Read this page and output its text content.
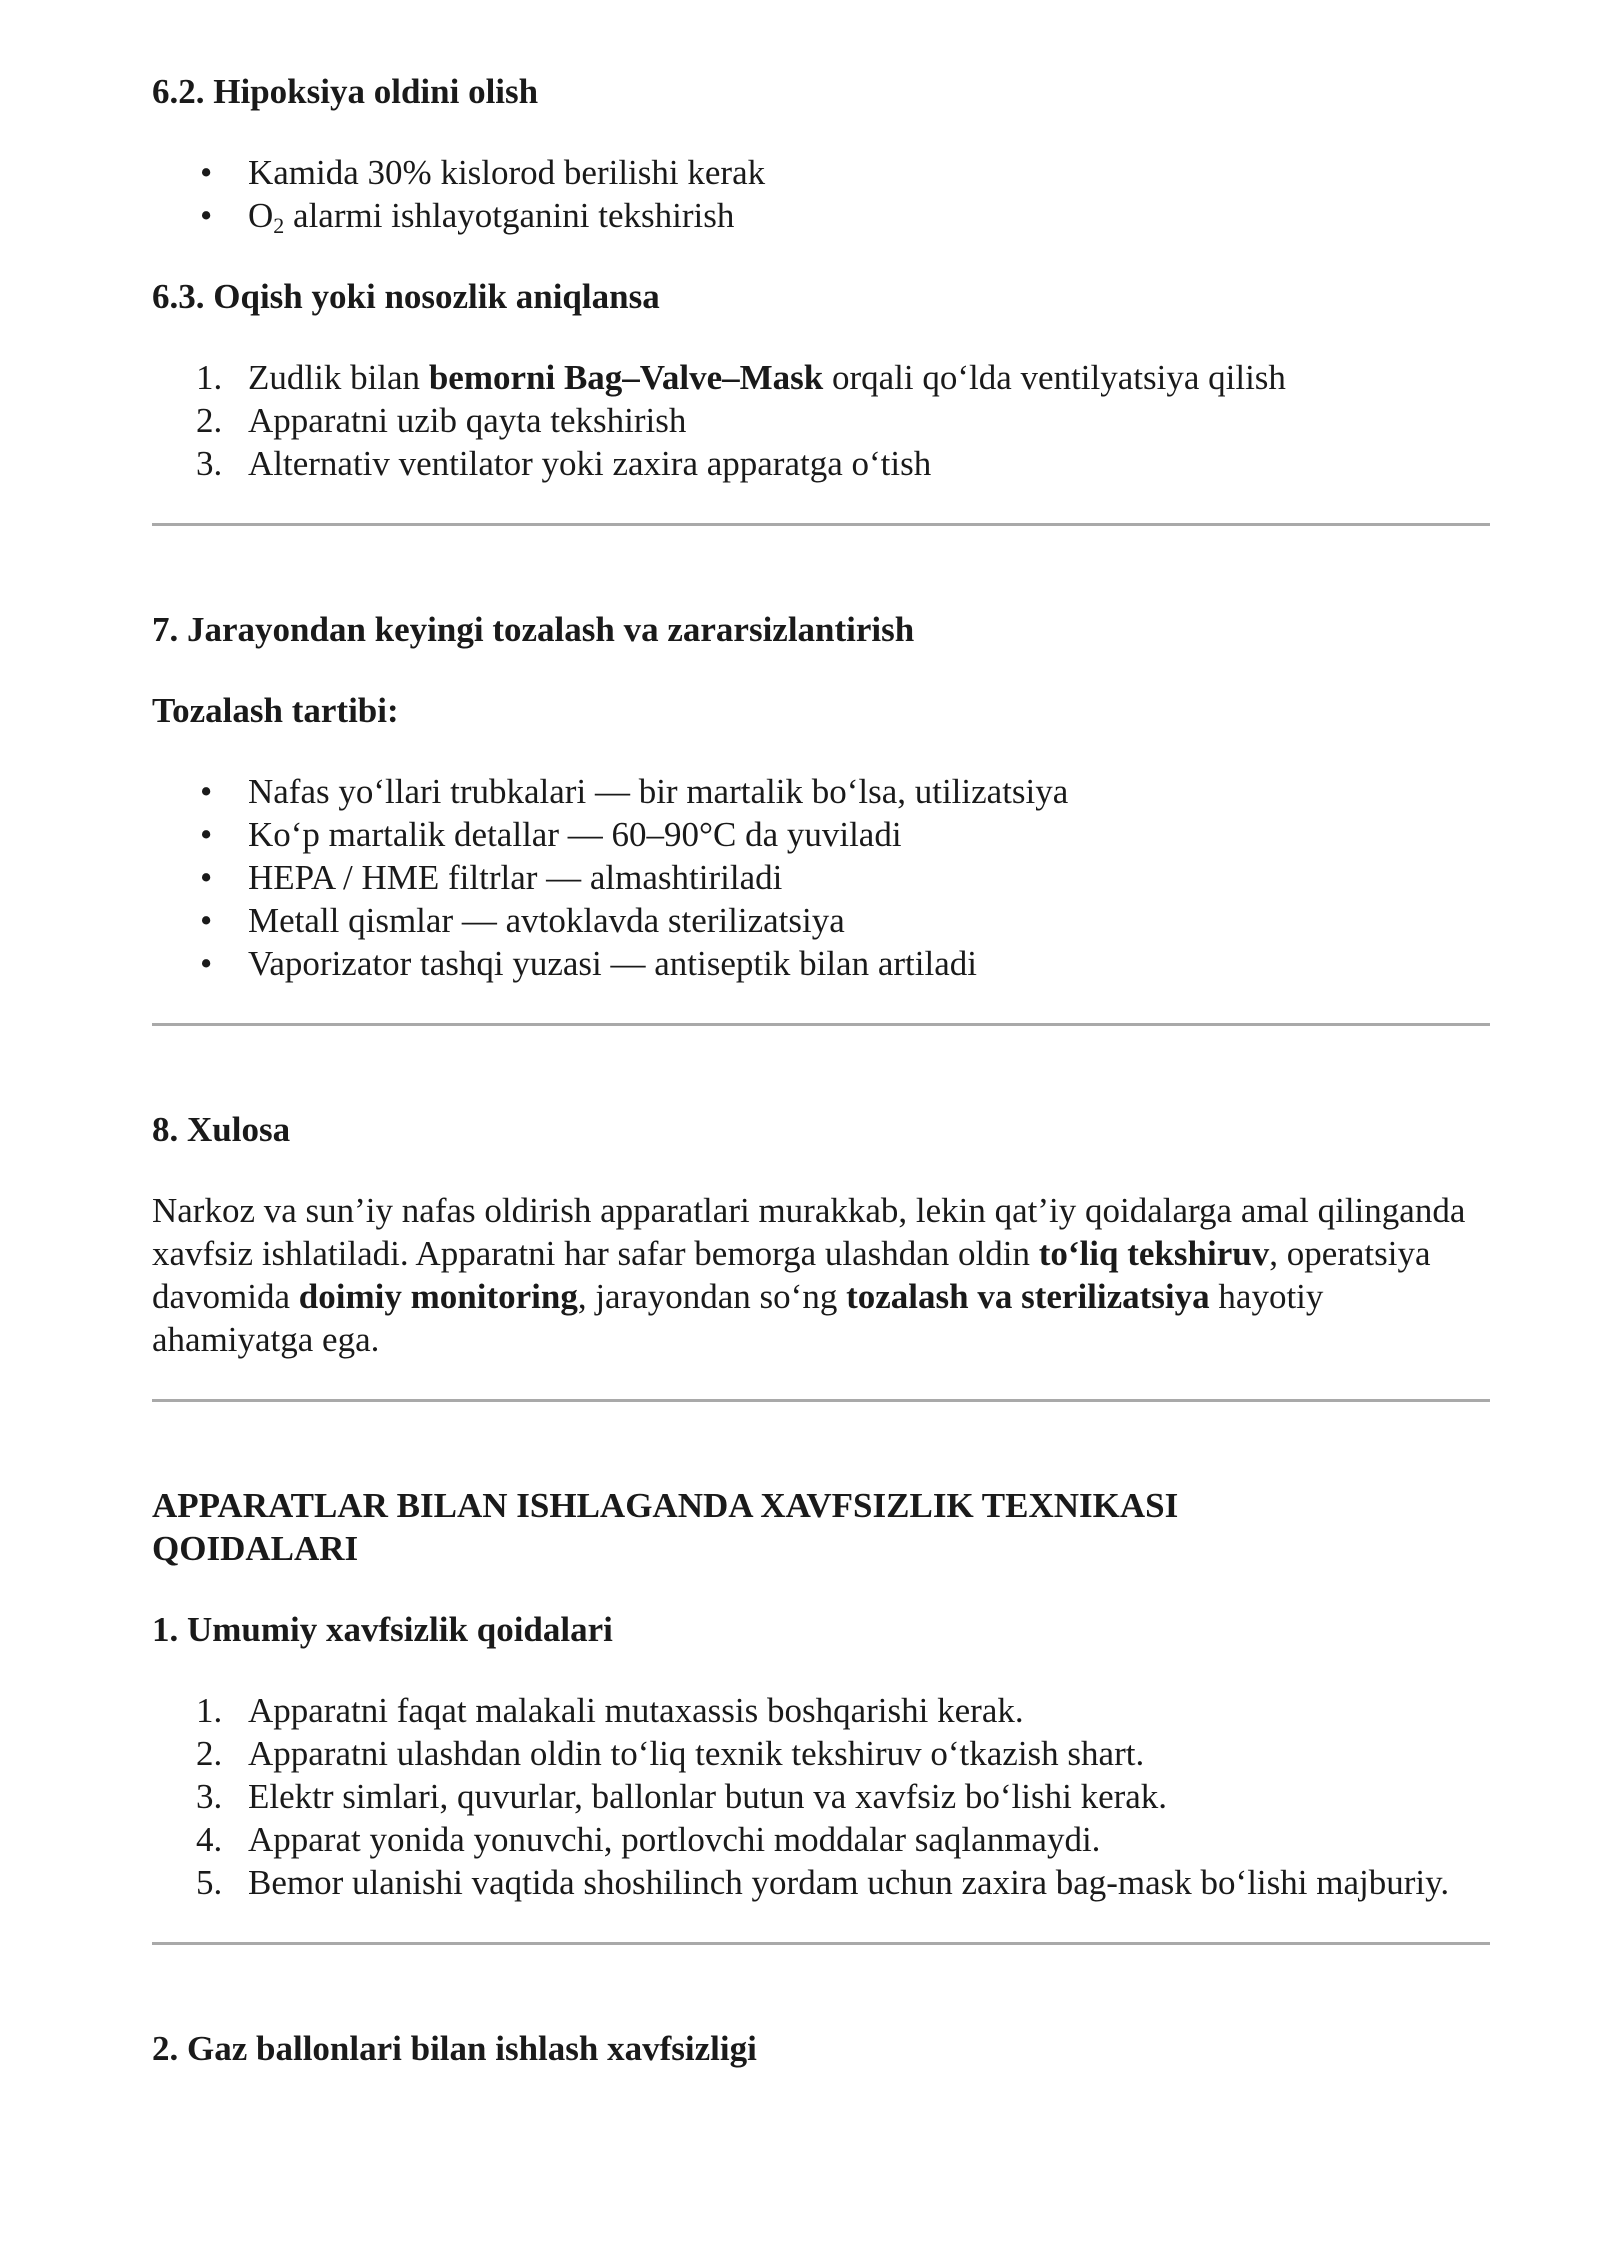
6.2. Hipoksiya oldini olish
• Kamida 30% kislorod berilishi kerak
• $O_2$ alarmi ishlayotganini tekshirish
6.3. Oqish yoki nosozlik aniqlansa
1. Zudlik bilan bemorni Bag–Valve–Mask orqali qo‘lda ventilyatsiya qilish
2. Apparatni uzib qayta tekshirish
3. Alternativ ventilator yoki zaxira apparatga o‘tish
7. Jarayondan keyingi tozalash va zararsizlantirish
Tozalash tartibi:
• Nafas yo‘llari trubkalari — bir martalik bo‘lsa, utilizatsiya
• Ko‘p martalik detallar — 60–90°C da yuviladi
• HEPA / HME filtrlar — almashtiriladi
• Metall qismlar — avtoklavda sterilizatsiya
• Vaporizator tashqi yuzasi — antiseptik bilan artiladi
8. Xulosa

Narkoz va sun’iy nafas oldirish apparatlari murakkab, lekin qat’iy qoidalarga amal qilinganda xavfsiz ishlatiladi. Apparatni har safar bemorga ulashdan oldin to‘liq tekshiruv, operatsiya davomida doimiy monitoring, jarayondan so‘ng tozalash va sterilizatsiya hayotiy ahamiyatga ega.

APPARATLAR BILAN ISHLAGANDA XAVFSIZLIK TEXNIKASI QOIDALARI
1. Umumiy xavfsizlik qoidalari
1. Apparatni faqat malakali mutaxassis boshqarishi kerak.
2. Apparatni ulashdan oldin to‘liq texnik tekshiruv o‘tkazish shart.
3. Elektr simlari, quvurlar, ballonlar butun va xavfsiz bo‘lishi kerak.
4. Apparat yonida yonuvchi, portlovchi moddalar saqlanmaydi.
5. Bemor ulanishi vaqtida shoshilinch yordam uchun zaxira bag-mask bo‘lishi majburiy.
2. Gaz ballonlari bilan ishlash xavfsizligi
